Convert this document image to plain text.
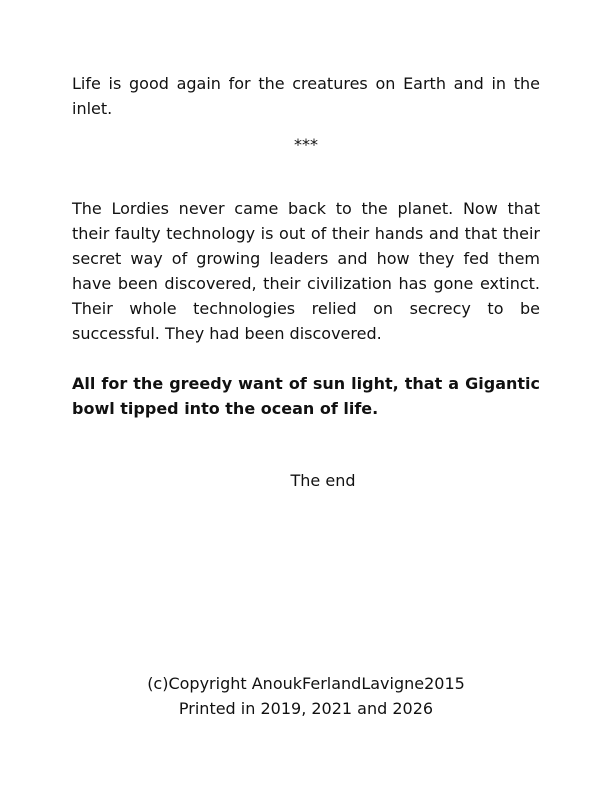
Life is good again for the creatures on Earth and in the inlet.

***

The Lordies never came back to the planet. Now that their faulty technology is out of their hands and that their secret way of growing leaders and how they fed them have been discovered, their civilization has gone extinct. Their whole technologies relied on secrecy to be successful. They had been discovered.

All for the greedy want of sun light, that a Gigantic bowl tipped into the ocean of life.

The end

(c)Copyright AnoukFerlandLavigne2015
Printed in 2019, 2021 and 2026
